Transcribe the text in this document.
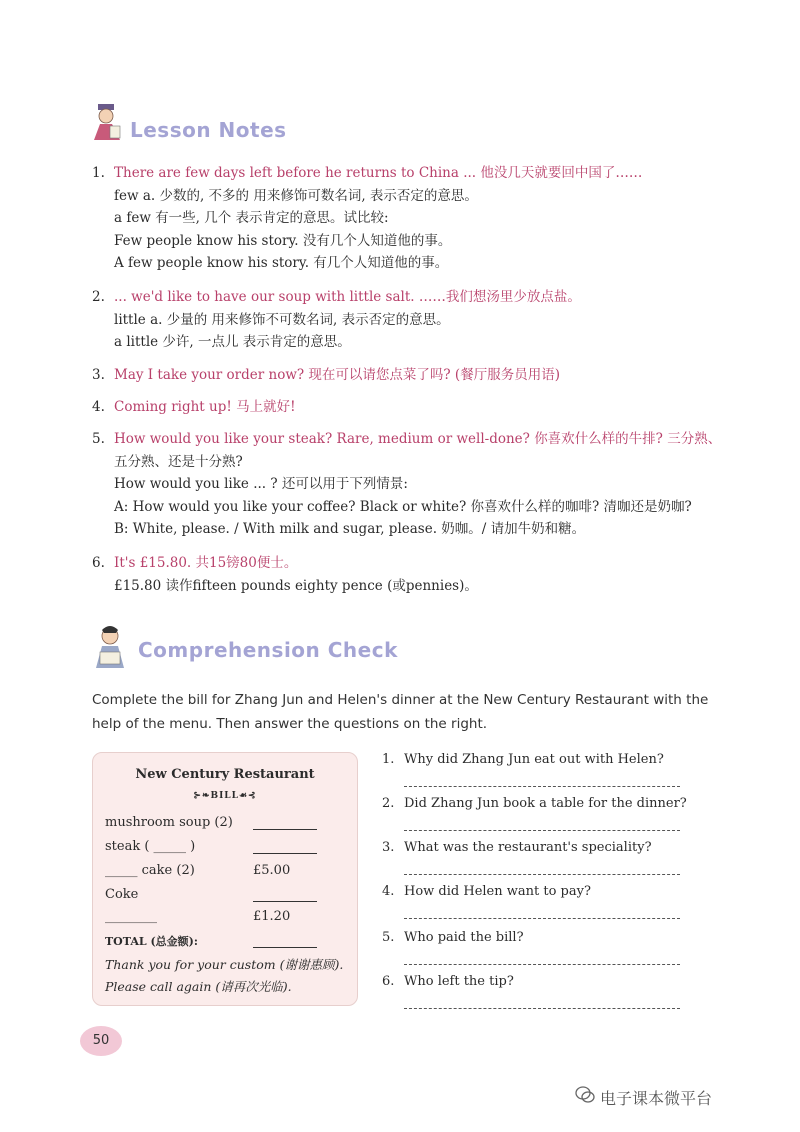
Lesson Notes
1. There are few days left before he returns to China ... 他没几天就要回中国了……
few a. 少数的, 不多的 用来修饰可数名词, 表示否定的意思。
a few 有一些, 几个 表示肯定的意思。试比较:
Few people know his story. 没有几个人知道他的事。
A few people know his story. 有几个人知道他的事。
2. ... we'd like to have our soup with little salt. ……我们想汤里少放点盐。
little a. 少量的 用来修饰不可数名词, 表示否定的意思。
a little 少许, 一点儿 表示肯定的意思。
3. May I take your order now? 现在可以请您点菜了吗? (餐厅服务员用语)
4. Coming right up! 马上就好!
5. How would you like your steak? Rare, medium or well-done? 你喜欢什么样的牛排? 三分熟、
五分熟、还是十分熟?
How would you like ... ? 还可以用于下列情景:
A: How would you like your coffee? Black or white? 你喜欢什么样的咖啡? 清咖还是奶咖?
B: White, please. / With milk and sugar, please. 奶咖。/ 请加牛奶和糖。
6. It's £15.80. 共15镑80便士。
£15.80 读作fifteen pounds eighty pence (或pennies)。
Comprehension Check
Complete the bill for Zhang Jun and Helen's dinner at the New Century Restaurant with the help of the menu. Then answer the questions on the right.
New Century Restaurant
⊱❧BILL☙⊰
mushroom soup (2)
steak ( _____ )
_____ cake (2)	£5.00
Coke
________	£1.20
TOTAL (总金额):
Thank you for your custom (谢谢惠顾).
Please call again (请再次光临).
1. Why did Zhang Jun eat out with Helen?
2. Did Zhang Jun book a table for the dinner?
3. What was the restaurant's speciality?
4. How did Helen want to pay?
5. Who paid the bill?
6. Who left the tip?
50
电子课本微平台
